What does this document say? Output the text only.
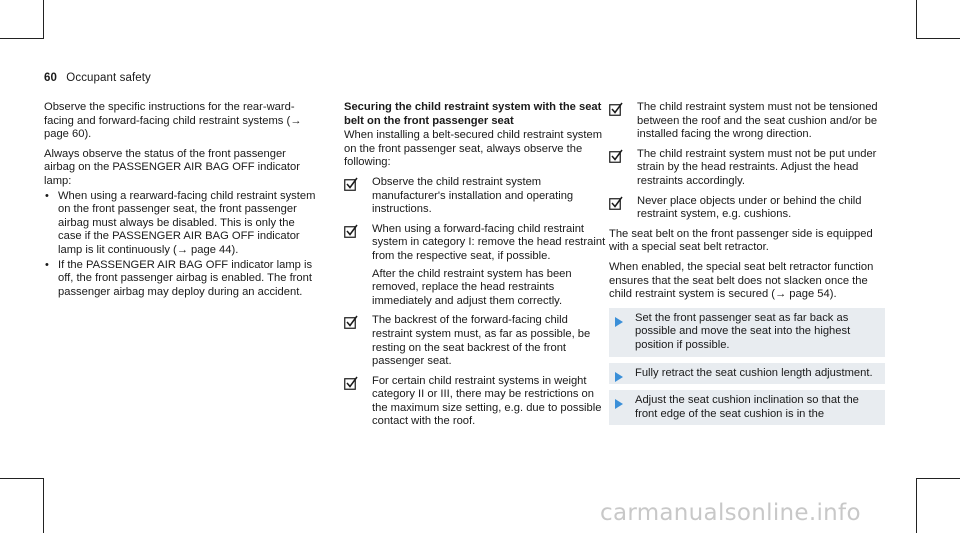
60 Occupant safety

Observe the specific instructions for the rear-ward-facing and forward-facing child restraint systems (→ page 60).

Always observe the status of the front passenger airbag on the PASSENGER AIR BAG OFF indicator lamp:

• When using a rearward-facing child restraint system on the front passenger seat, the front passenger airbag must always be disabled. This is only the case if the PASSENGER AIR BAG OFF indicator lamp is lit continuously (→ page 44).
• If the PASSENGER AIR BAG OFF indicator lamp is off, the front passenger airbag is enabled. The front passenger airbag may deploy during an accident.

Securing the child restraint system with the seat belt on the front passenger seat

When installing a belt-secured child restraint system on the front passenger seat, always observe the following:

Observe the child restraint system manufacturer's installation and operating instructions.

When using a forward-facing child restraint system in category I: remove the head restraint from the respective seat, if possible.

After the child restraint system has been removed, replace the head restraints immediately and adjust them correctly.

The backrest of the forward-facing child restraint system must, as far as possible, be resting on the seat backrest of the front passenger seat.

For certain child restraint systems in weight category II or III, there may be restrictions on the maximum size setting, e.g. due to possible contact with the roof.

The child restraint system must not be tensioned between the roof and the seat cushion and/or be installed facing the wrong direction.

The child restraint system must not be put under strain by the head restraints. Adjust the head restraints accordingly.

Never place objects under or behind the child restraint system, e.g. cushions.

The seat belt on the front passenger side is equipped with a special seat belt retractor.

When enabled, the special seat belt retractor function ensures that the seat belt does not slacken once the child restraint system is secured (→ page 54).

Set the front passenger seat as far back as possible and move the seat into the highest position if possible.
Fully retract the seat cushion length adjustment.
Adjust the seat cushion inclination so that the front edge of the seat cushion is in the
carmanualsonline.info
